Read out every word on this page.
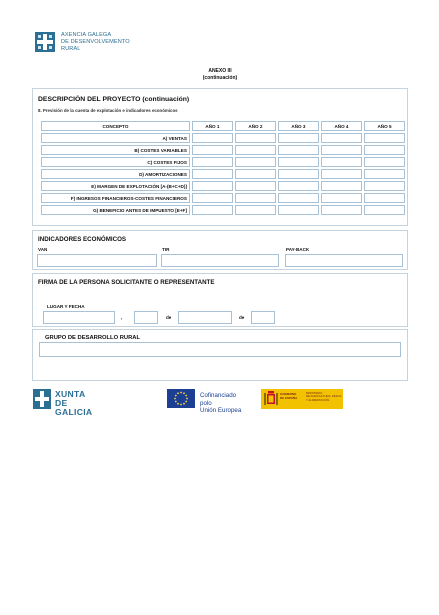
AXENCIA GALEGA
DE DESENVOLVEMENTO
RURAL
ANEXO III
(continuación)
DESCRIPCIÓN DEL PROYECTO (continuación)
8. Previsión de la cuenta de explotación e indicadores económicos
CONCEPTO	AÑO 1	AÑO 2	AÑO 3	AÑO 4	AÑO 5
A) VENTAS					
B) COSTES VARIABLES					
C) COSTES FIJOS					
D) AMORTIZACIONES					
E) MARGEN DE EXPLOTACIÓN [A-(B+C+D)]					
F) INGRESOS FINANCIEROS-COSTES FINANCIEROS					
G) BENEFICIO ANTES DE IMPUESTO [E+F]					
INDICADORES ECONÓMICOS
VAN	TIR	PAY-BACK
FIRMA DE LA PERSONA SOLICITANTE O REPRESENTANTE
LUGAR Y FECHA
,	de	de
GRUPO DE DESARROLLO RURAL
XUNTA
DE GALICIA
Cofinanciado polo
Unión Europea
GOBIERNO
DE ESPAÑA
MINISTERIO
DE AGRICULTURA, PESCA
Y ALIMENTACIÓN
